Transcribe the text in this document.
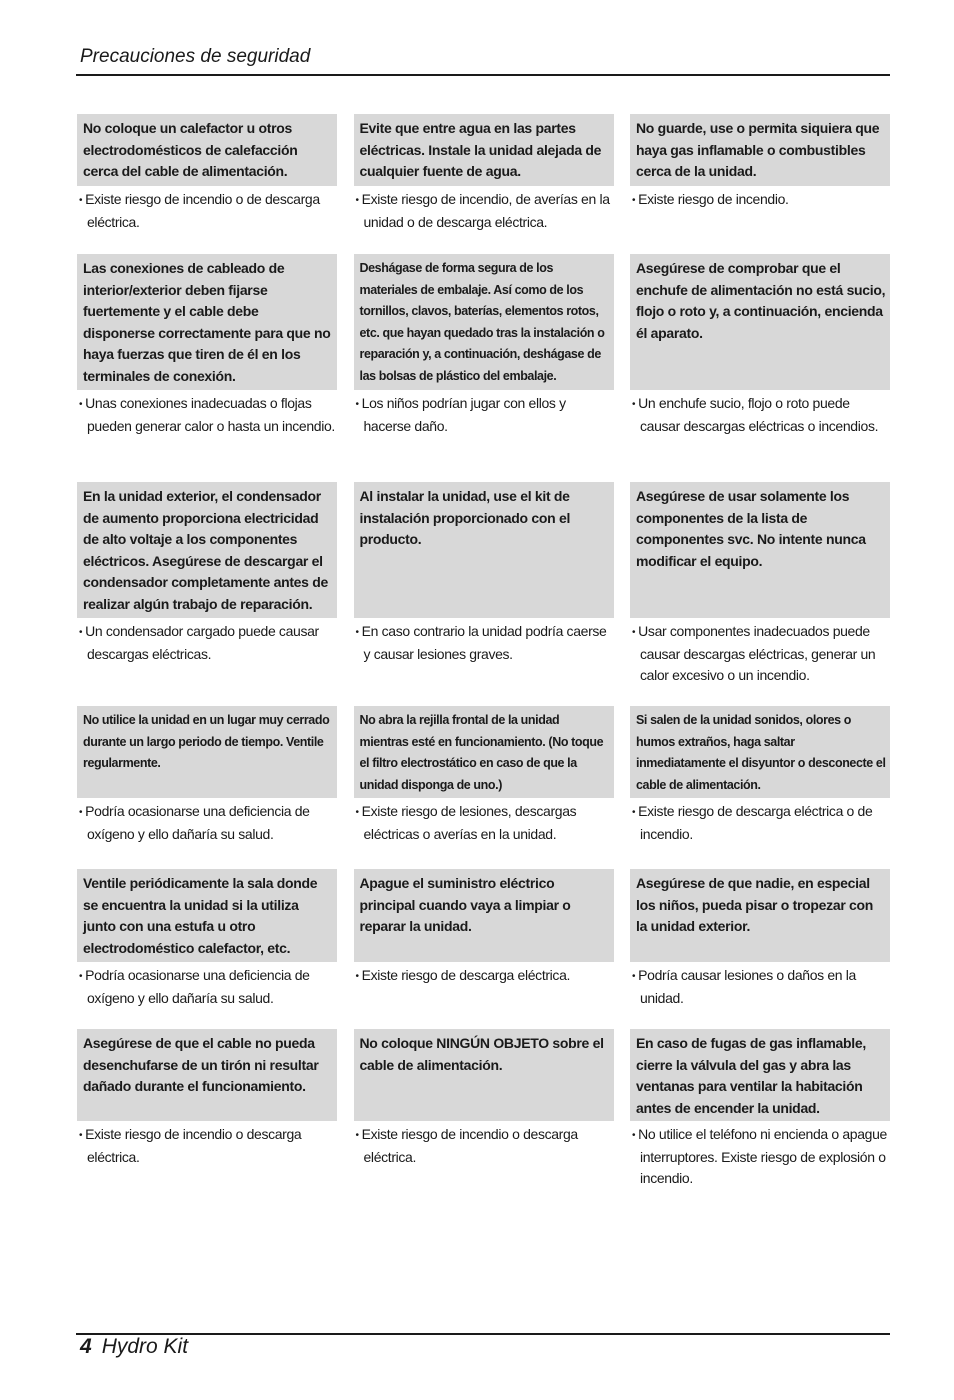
Precauciones de seguridad
No coloque un calefactor u otros electrodomésticos de calefacción cerca del cable de alimentación.
• Existe riesgo de incendio o de descarga eléctrica.
Evite que entre agua en las partes eléctricas. Instale la unidad alejada de cualquier fuente de agua.
• Existe riesgo de incendio, de averías en la unidad o de descarga eléctrica.
No guarde, use o permita siquiera que haya gas inflamable o combustibles cerca de la unidad.
• Existe riesgo de incendio.
Las conexiones de cableado de interior/exterior deben fijarse fuertemente y el cable debe disponerse correctamente para que no haya fuerzas que tiren de él en los terminales de conexión.
• Unas conexiones inadecuadas o flojas pueden generar calor o hasta un incendio.
Deshágase de forma segura de los materiales de embalaje. Así como de los tornillos, clavos, baterías, elementos rotos, etc. que hayan quedado tras la instalación o reparación y, a continuación, deshágase de las bolsas de plástico del embalaje.
• Los niños podrían jugar con ellos y hacerse daño.
Asegúrese de comprobar que el enchufe de alimentación no está sucio, flojo o roto y, a continuación, encienda él aparato.
• Un enchufe sucio, flojo o roto puede causar descargas eléctricas o incendios.
En la unidad exterior, el condensador de aumento proporciona electricidad de alto voltaje a los componentes eléctricos. Asegúrese de descargar el condensador completamente antes de realizar algún trabajo de reparación.
• Un condensador cargado puede causar descargas eléctricas.
Al instalar la unidad, use el kit de instalación proporcionado con el producto.
• En caso contrario la unidad podría caerse y causar lesiones graves.
Asegúrese de usar solamente los componentes de la lista de componentes svc. No intente nunca modificar el equipo.
• Usar componentes inadecuados puede causar descargas eléctricas, generar un calor excesivo o un incendio.
No utilice la unidad en un lugar muy cerrado durante un largo periodo de tiempo. Ventile regularmente.
• Podría ocasionarse una deficiencia de oxígeno y ello dañaría su salud.
No abra la rejilla frontal de la unidad mientras esté en funcionamiento. (No toque el filtro electrostático en caso de que la unidad disponga de uno.)
• Existe riesgo de lesiones, descargas eléctricas o averías en la unidad.
Si salen de la unidad sonidos, olores o humos extraños, haga saltar inmediatamente el disyuntor o desconecte el cable de alimentación.
• Existe riesgo de descarga eléctrica o de incendio.
Ventile periódicamente la sala donde se encuentra la unidad si la utiliza junto con una estufa u otro electrodoméstico calefactor, etc.
• Podría ocasionarse una deficiencia de oxígeno y ello dañaría su salud.
Apague el suministro eléctrico principal cuando vaya a limpiar o reparar la unidad.
• Existe riesgo de descarga eléctrica.
Asegúrese de que nadie, en especial los niños, pueda pisar o tropezar con la unidad exterior.
• Podría causar lesiones o daños en la unidad.
Asegúrese de que el cable no pueda desenchufarse de un tirón ni resultar dañado durante el funcionamiento.
• Existe riesgo de incendio o descarga eléctrica.
No coloque NINGÚN OBJETO sobre el cable de alimentación.
• Existe riesgo de incendio o descarga eléctrica.
En caso de fugas de gas inflamable, cierre la válvula del gas y abra las ventanas para ventilar la habitación antes de encender la unidad.
• No utilice el teléfono ni encienda o apague interruptores. Existe riesgo de explosión o incendio.
4 Hydro Kit
